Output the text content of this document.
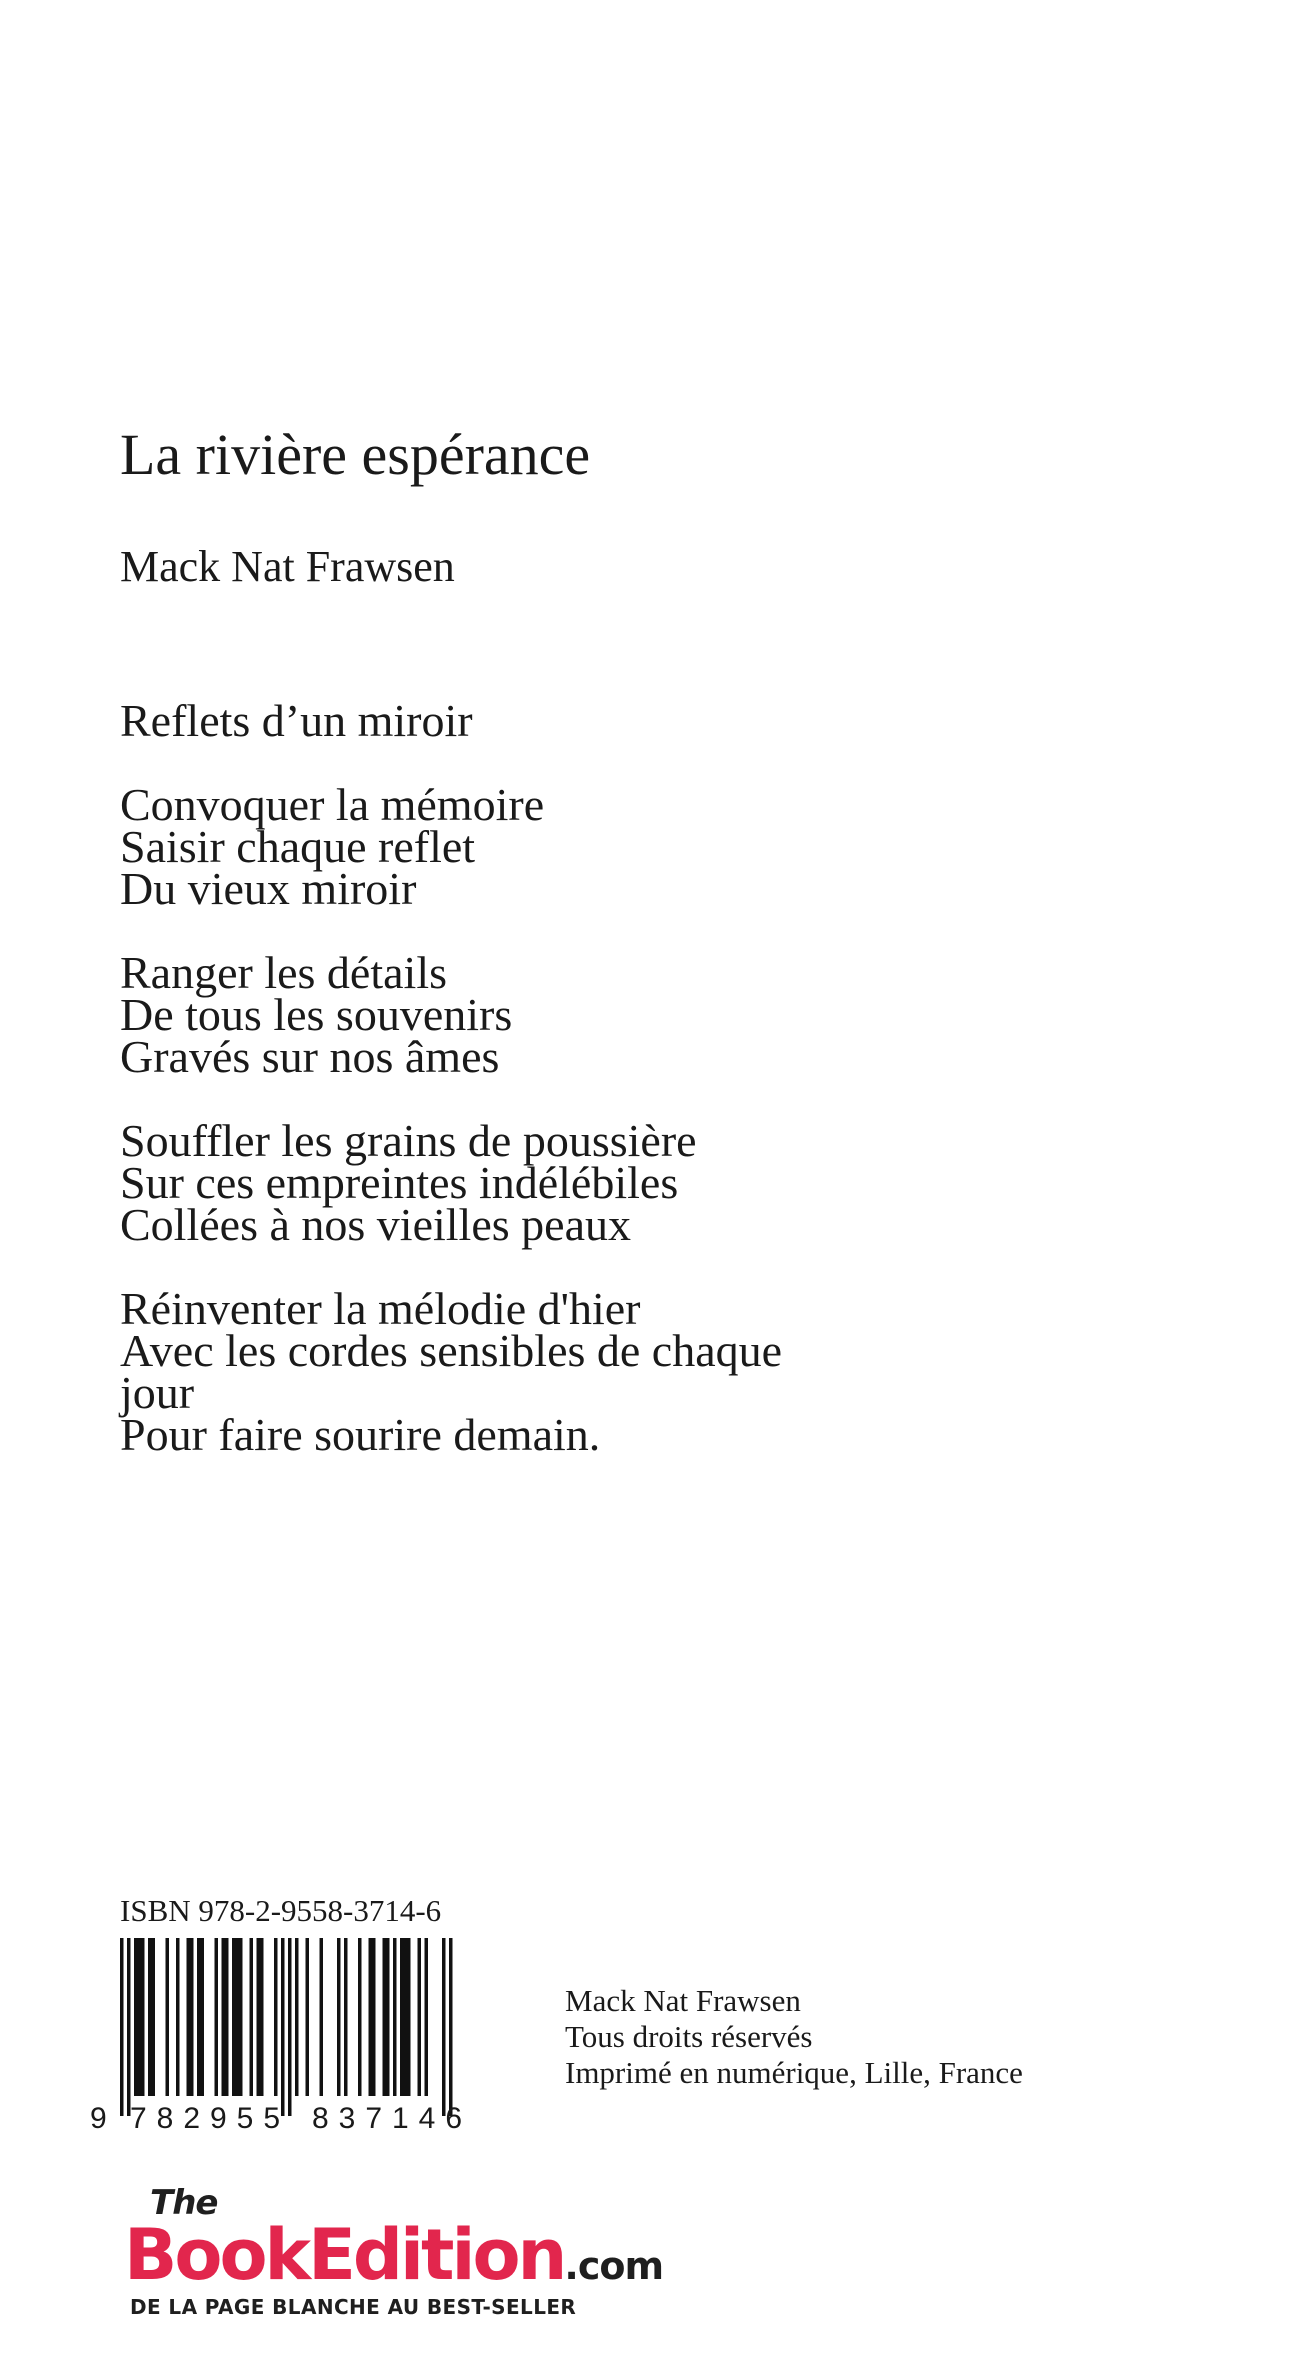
La rivière espérance
Mack Nat Frawsen
Reflets d’un miroir
Convoquer la mémoire
Saisir chaque reflet
Du vieux miroir
Ranger les détails
De tous les souvenirs
Gravés sur nos âmes
Souffler les grains de poussière
Sur ces empreintes indélébiles
Collées à nos vieilles peaux
Réinventer la mélodie d'hier
Avec les cordes sensibles de chaque
jour
Pour faire sourire demain.
ISBN 978-2-9558-3714-6
9 782955 837146
Mack Nat Frawsen
Tous droits réservés
Imprimé en numérique, Lille, France
The
BookEdition.com
DE LA PAGE BLANCHE AU BEST-SELLER
